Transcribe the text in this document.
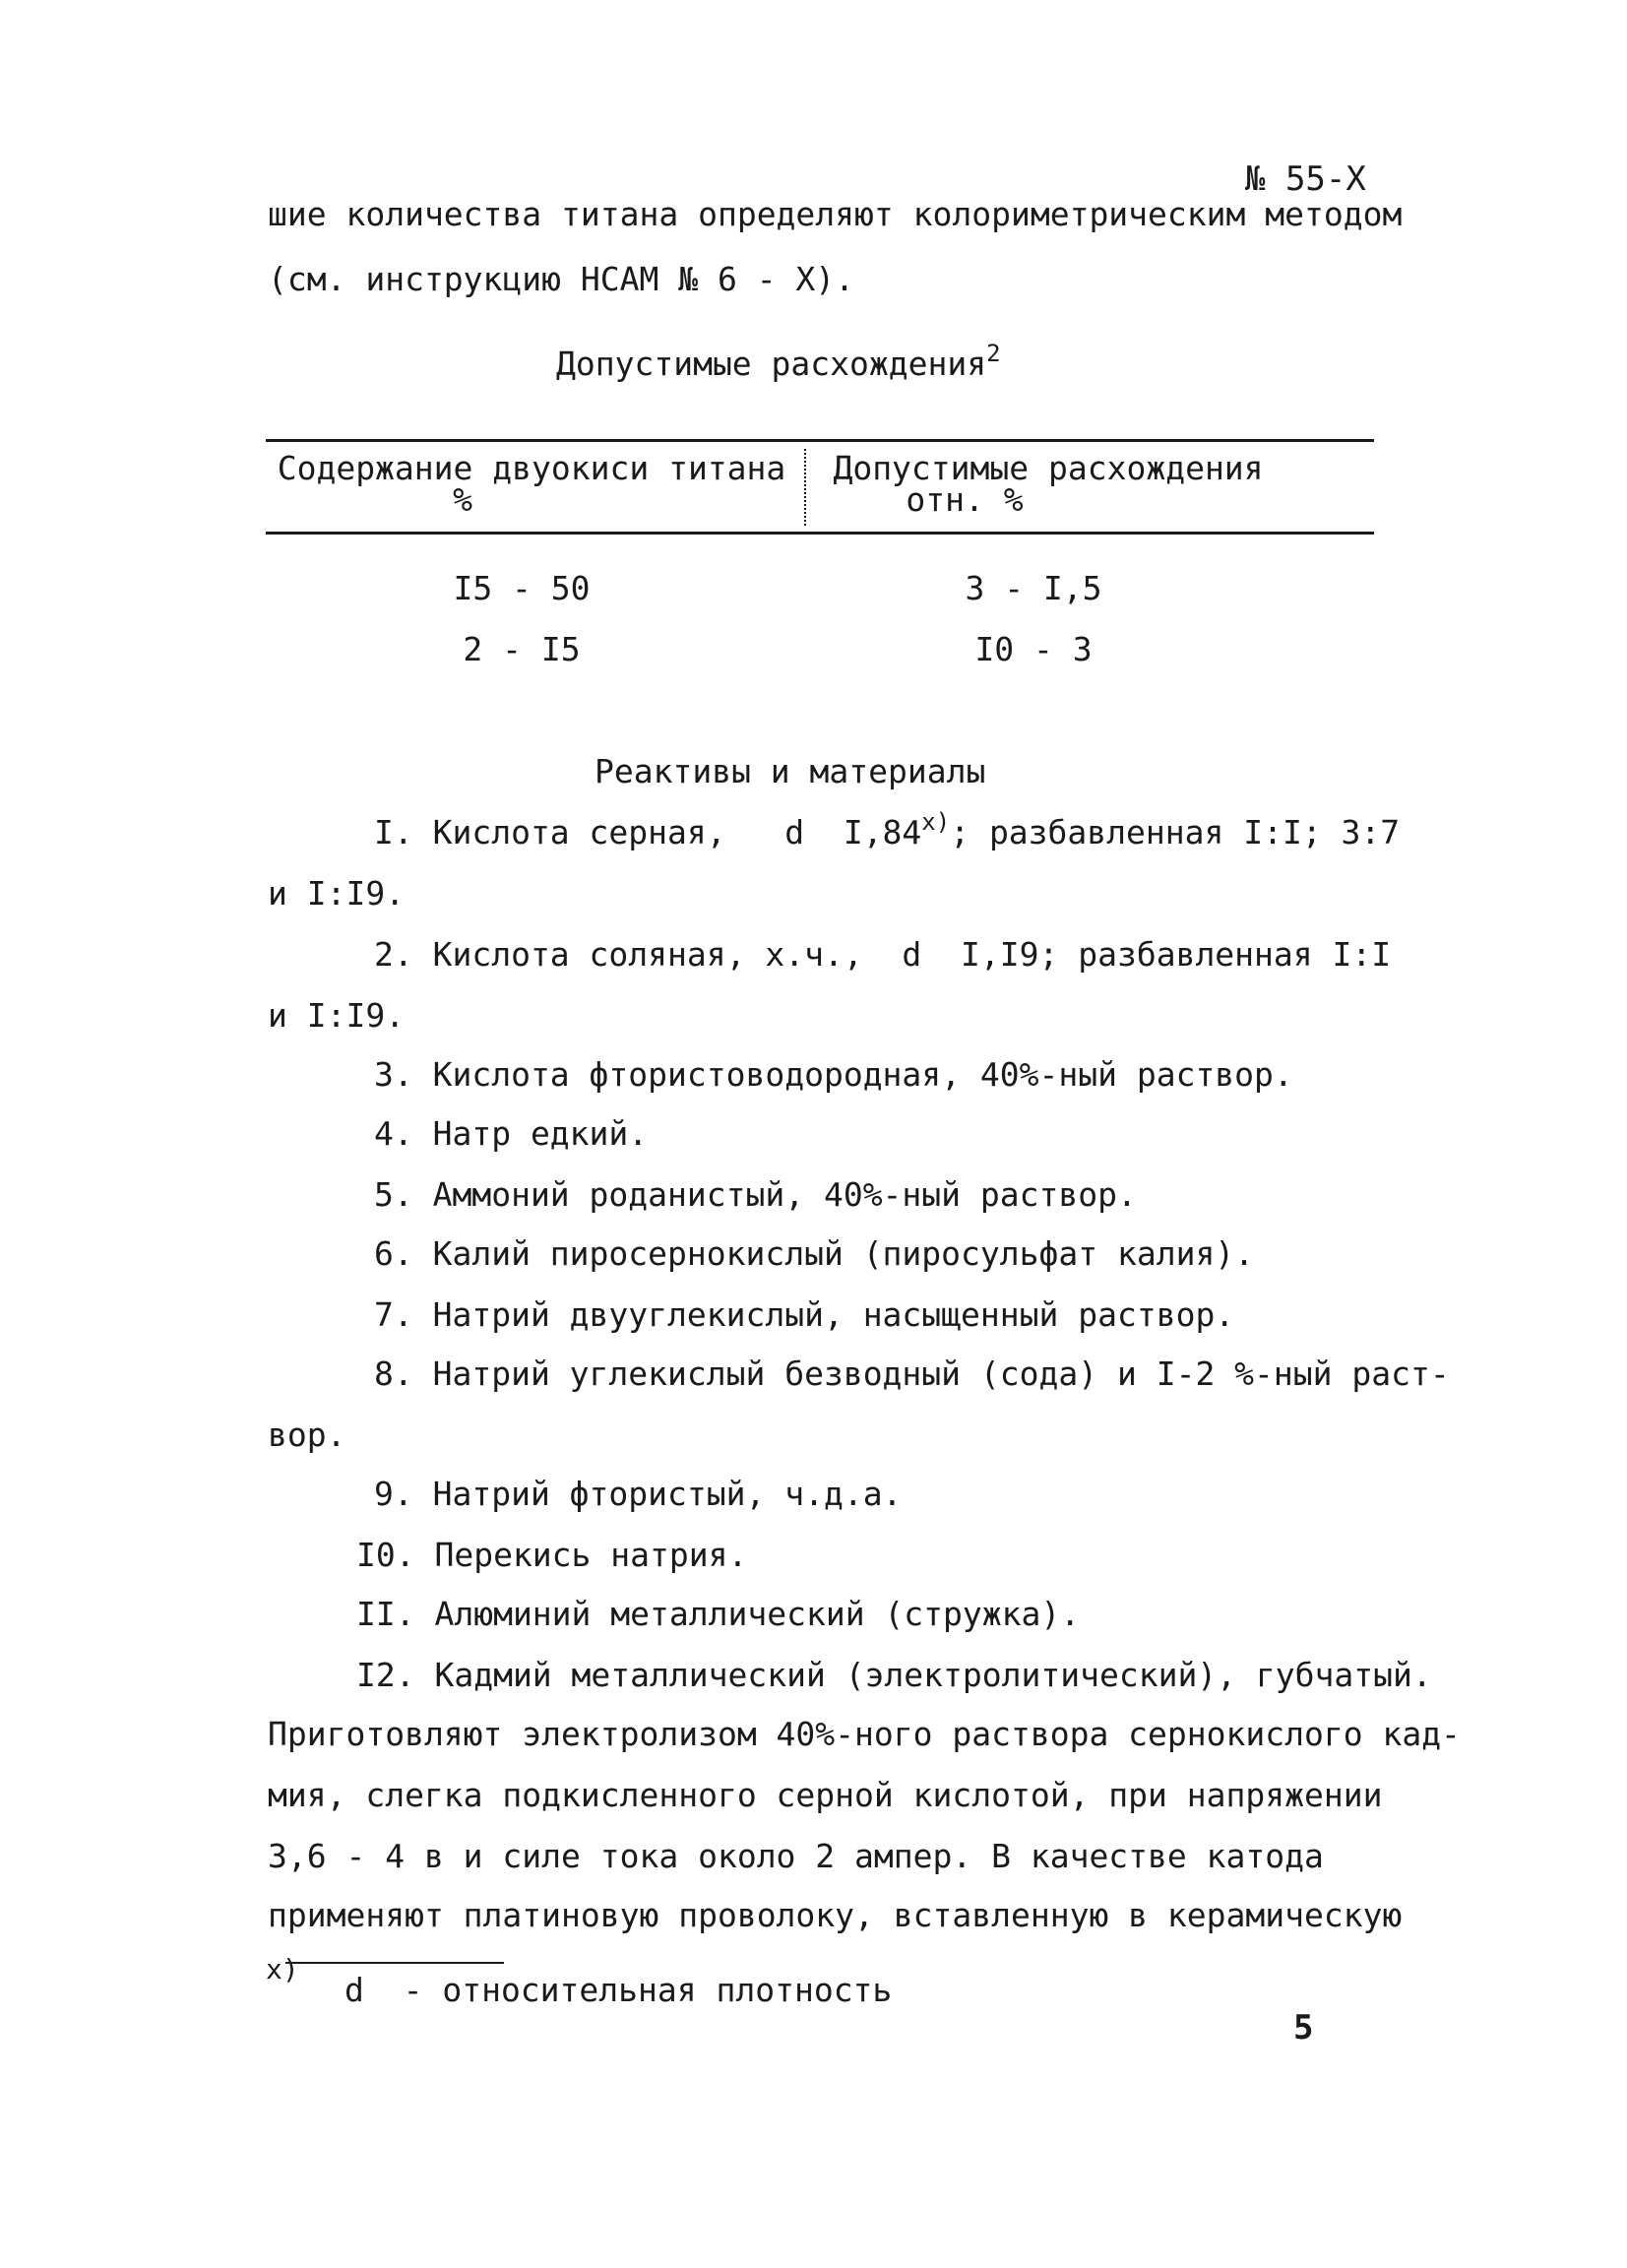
№ 55-Х
шие количества титана определяют колориметрическим методом
(см. инструкцию НСАМ № 6 - Х).
Допустимые расхождения$^2$
Содержание двуокиси титана
%
Допустимые расхождения
отн. %
I5 - 50	3 - I,5
2 - I5	I0 - 3
Реактивы и материалы
I. Кислота серная,   d  $I,84^{х)}$; разбавленная I:I; 3:7
и I:I9.
2. Кислота соляная, х.ч.,  d  I,I9; разбавленная I:I
и I:I9.
3. Кислота фтористоводородная, 40%-ный раствор.
4. Натр едкий.
5. Аммоний роданистый, 40%-ный раствор.
6. Калий пиросернокислый (пиросульфат калия).
7. Натрий двууглекислый, насыщенный раствор.
8. Натрий углекислый безводный (сода) и I-2 %-ный раст-
вор.
9. Натрий фтористый, ч.д.а.
I0. Перекись натрия.
II. Алюминий металлический (стружка).
I2. Кадмий металлический (электролитический), губчатый.
Приготовляют электролизом 40%-ного раствора сернокислого кад-
мия, слегка подкисленного серной кислотой, при напряжении
3,6 - 4 в и силе тока около 2 ампер. В качестве катода
применяют платиновую проволоку, вставленную в керамическую
х)
d  - относительная плотность
5
